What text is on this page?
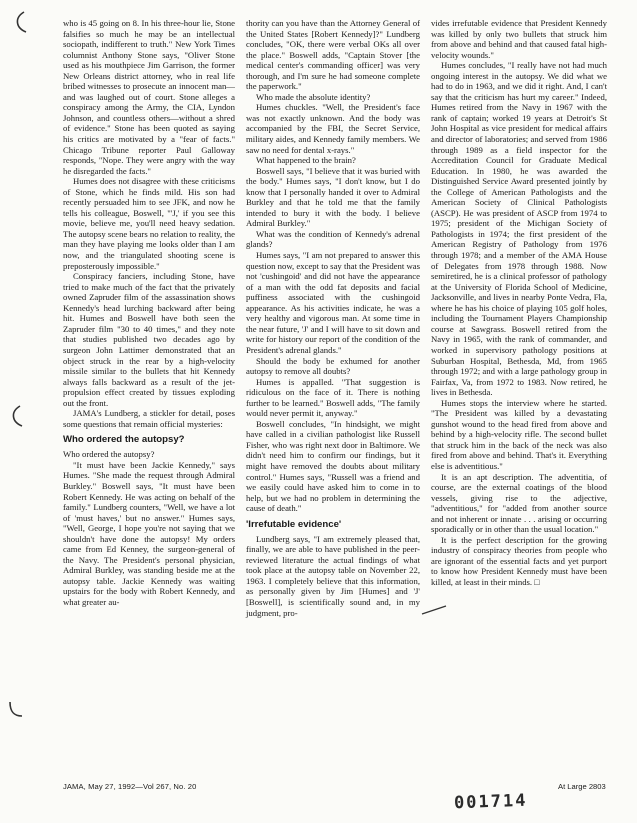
who is 45 going on 8. In his three-hour lie, Stone falsifies so much he may be an intellectual sociopath, indifferent to truth." New York Times columnist Anthony Stone says, "Oliver Stone used as his mouthpiece Jim Garrison, the former New Orleans district attorney, who in real life bribed witnesses to prosecute an innocent man—and was laughed out of court. Stone alleges a conspiracy among the Army, the CIA, Lyndon Johnson, and countless others—without a shred of evidence." Stone has been quoted as saying his critics are motivated by a "fear of facts." Chicago Tribune reporter Paul Galloway responds, "Nope. They were angry with the way he disregarded the facts."

Humes does not disagree with these criticisms of Stone, which he finds mild. His son had recently persuaded him to see JFK, and now he tells his colleague, Boswell, "'J,' if you see this movie, believe me, you'll need heavy sedation. The autopsy scene bears no relation to reality, the man they have playing me looks older than I am now, and the triangulated shooting scene is preposterously impossible."

Conspiracy fanciers, including Stone, have tried to make much of the fact that the privately owned Zapruder film of the assassination shows Kennedy's head lurching backward after being hit. Humes and Boswell have both seen the Zapruder film "30 to 40 times," and they note that studies published two decades ago by surgeon John Lattimer demonstrated that an object struck in the rear by a high-velocity missile similar to the bullets that hit Kennedy always falls backward as a result of the jet-propulsion effect created by tissues exploding out the front.

JAMA's Lundberg, a stickler for detail, poses some questions that remain official mysteries:

Who ordered the autopsy?

Who ordered the autopsy?

"It must have been Jackie Kennedy," says Humes. "She made the request through Admiral Burkley." Boswell says, "It must have been Robert Kennedy. He was acting on behalf of the family." Lundberg counters, "Well, we have a lot of 'must haves,' but no answer." Humes says, "Well, George, I hope you're not saying that we shouldn't have done the autopsy! My orders came from Ed Kenney, the surgeon-general of the Navy. The President's personal physician, Admiral Burkley, was standing beside me at the autopsy table. Jackie Kennedy was waiting upstairs for the body with Robert Kennedy, and what greater au-

thority can you have than the Attorney General of the United States [Robert Kennedy]?" Lundberg concludes, "OK, there were verbal OKs all over the place." Boswell adds, "Captain Stover [the medical center's commanding officer] was very thorough, and I'm sure he had someone complete the paperwork."

Who made the absolute identity?

Humes chuckles. "Well, the President's face was not exactly unknown. And the body was accompanied by the FBI, the Secret Service, military aides, and Kennedy family members. We saw no need for dental x-rays."

What happened to the brain?

Boswell says, "I believe that it was buried with the body." Humes says, "I don't know, but I do know that I personally handed it over to Admiral Burkley and that he told me that the family intended to bury it with the body. I believe Admiral Burkley."

What was the condition of Kennedy's adrenal glands?

Humes says, "I am not prepared to answer this question now, except to say that the President was not 'cushingoid' and did not have the appearance of a man with the odd fat deposits and facial puffiness associated with the cushingoid appearance. As his activities indicate, he was a very healthy and vigorous man. At some time in the near future, 'J' and I will have to sit down and write for history our report of the condition of the President's adrenal glands."

Should the body be exhumed for another autopsy to remove all doubts?

Humes is appalled. "That suggestion is ridiculous on the face of it. There is nothing further to be learned." Boswell adds, "The family would never permit it, anyway."

Boswell concludes, "In hindsight, we might have called in a civilian pathologist like Russell Fisher, who was right next door in Baltimore. We didn't need him to confirm our findings, but it might have removed the doubts about military control." Humes says, "Russell was a friend and we easily could have asked him to come in to help, but we had no problem in determining the cause of death."

'Irrefutable evidence'

Lundberg says, "I am extremely pleased that, finally, we are able to have published in the peer-reviewed literature the actual findings of what took place at the autopsy table on November 22, 1963. I completely believe that this information, as personally given by Jim [Humes] and 'J' [Boswell], is scientifically sound and, in my judgment, pro-

vides irrefutable evidence that President Kennedy was killed by only two bullets that struck him from above and behind and that caused fatal high-velocity wounds."

Humes concludes, "I really have not had much ongoing interest in the autopsy. We did what we had to do in 1963, and we did it right. And, I can't say that the criticism has hurt my career." Indeed, Humes retired from the Navy in 1967 with the rank of captain; worked 19 years at Detroit's St John Hospital as vice president for medical affairs and director of laboratories; and served from 1986 through 1989 as a field inspector for the Accreditation Council for Graduate Medical Education. In 1980, he was awarded the Distinguished Service Award presented jointly by the College of American Pathologists and the American Society of Clinical Pathologists (ASCP). He was president of ASCP from 1974 to 1975; president of the Michigan Society of Pathologists in 1974; the first president of the American Registry of Pathology from 1976 through 1978; and a member of the AMA House of Delegates from 1978 through 1988. Now semiretired, he is a clinical professor of pathology at the University of Florida School of Medicine, Jacksonville, and lives in nearby Ponte Vedra, Fla, where he has his choice of playing 105 golf holes, including the Tournament Players Championship course at Sawgrass. Boswell retired from the Navy in 1965, with the rank of commander, and worked in supervisory pathology positions at Suburban Hospital, Bethesda, Md, from 1965 through 1972; and with a large pathology group in Fairfax, Va, from 1972 to 1983. Now retired, he lives in Bethesda.

Humes stops the interview where he started. "The President was killed by a devastating gunshot wound to the head fired from above and behind by a high-velocity rifle. The second bullet that struck him in the back of the neck was also fired from above and behind. That's it. Everything else is adventitious."

It is an apt description. The adventitia, of course, are the external coatings of the blood vessels, giving rise to the adjective, "adventitious," for "added from another source and not inherent or innate . . . arising or occurring sporadically or in other than the usual location."

It is the perfect description for the growing industry of conspiracy theories from people who are ignorant of the essential facts and yet purport to know how President Kennedy must have been killed, at least in their minds. □

JAMA, May 27, 1992—Vol 267, No. 20	At Large 2803
001714
